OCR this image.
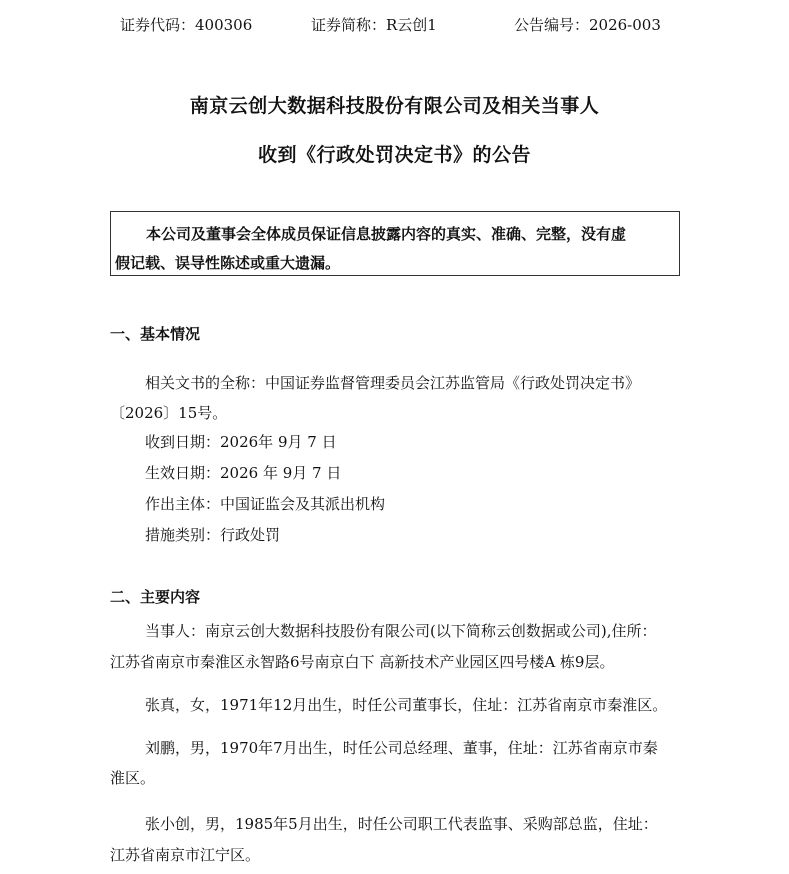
证券代码：400306	证券简称：R云创1	公告编号：2026-003
南京云创大数据科技股份有限公司及相关当事人
收到《行政处罚决定书》的公告
本公司及董事会全体成员保证信息披露内容的真实、准确、完整，没有虚
假记载、误导性陈述或重大遗漏。
一、基本情况
相关文书的全称：中国证券监督管理委员会江苏监管局《行政处罚决定书》
〔2026〕15号。
收到日期：2026年 9月 7 日
生效日期：2026 年 9月 7 日
作出主体：中国证监会及其派出机构
措施类别：行政处罚
二、主要内容
当事人：南京云创大数据科技股份有限公司(以下简称云创数据或公司),住所：
江苏省南京市秦淮区永智路6号南京白下 高新技术产业园区四号楼A 栋9层。
张真，女，1971年12月出生，时任公司董事长，住址：江苏省南京市秦淮区。
刘鹏，男，1970年7月出生，时任公司总经理、董事，住址：江苏省南京市秦
淮区。
张小创，男，1985年5月出生，时任公司职工代表监事、采购部总监，住址：
江苏省南京市江宁区。
